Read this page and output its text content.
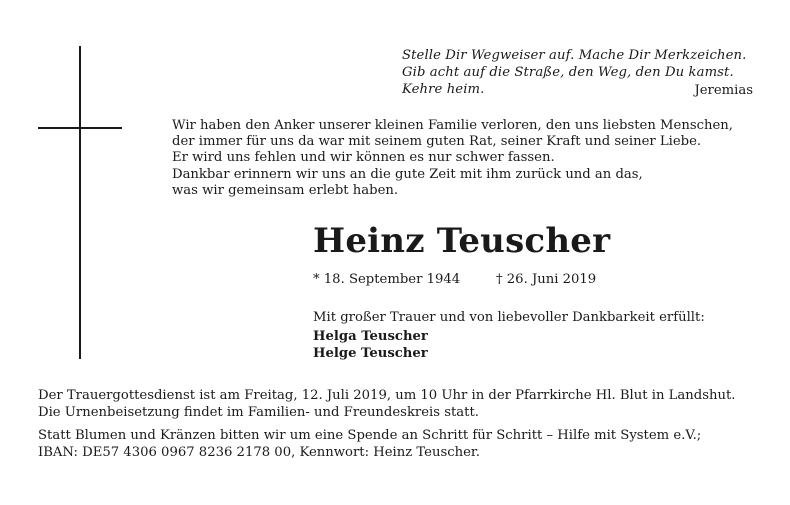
Stelle Dir Wegweiser auf. Mache Dir Merkzeichen.
Gib acht auf die Straße, den Weg, den Du kamst.
Kehre heim.	Jeremias
Wir haben den Anker unserer kleinen Familie verloren, den uns liebsten Menschen,
der immer für uns da war mit seinem guten Rat, seiner Kraft und seiner Liebe.
Er wird uns fehlen und wir können es nur schwer fassen.
Dankbar erinnern wir uns an die gute Zeit mit ihm zurück und an das,
was wir gemeinsam erlebt haben.
Heinz Teuscher
* 18. September 1944	† 26. Juni 2019
Mit großer Trauer und von liebevoller Dankbarkeit erfüllt:
Helga Teuscher
Helge Teuscher
Der Trauergottesdienst ist am Freitag, 12. Juli 2019, um 10 Uhr in der Pfarrkirche Hl. Blut in Landshut.
Die Urnenbeisetzung findet im Familien- und Freundeskreis statt.
Statt Blumen und Kränzen bitten wir um eine Spende an Schritt für Schritt – Hilfe mit System e.V.;
IBAN: DE57 4306 0967 8236 2178 00, Kennwort: Heinz Teuscher.
